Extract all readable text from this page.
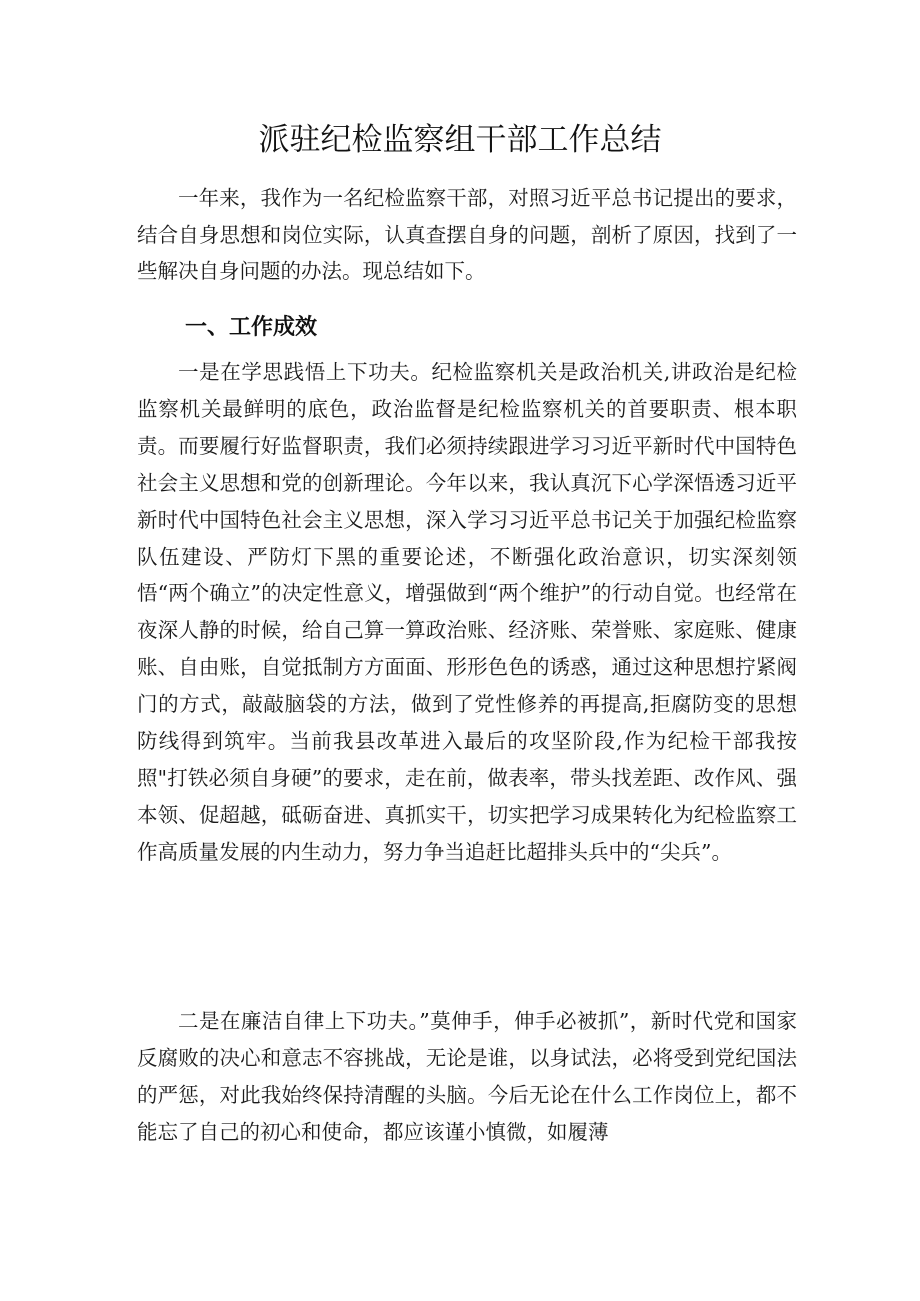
派驻纪检监察组干部工作总结

一年来，我作为一名纪检监察干部，对照习近平总书记提出的要求，结合自身思想和岗位实际，认真查摆自身的问题，剖析了原因，找到了一些解决自身问题的办法。现总结如下。

一、工作成效

一是在学思践悟上下功夫。纪检监察机关是政治机关,讲政治是纪检监察机关最鲜明的底色，政治监督是纪检监察机关的首要职责、根本职责。而要履行好监督职责，我们必须持续跟进学习习近平新时代中国特色社会主义思想和党的创新理论。今年以来，我认真沉下心学深悟透习近平新时代中国特色社会主义思想，深入学习习近平总书记关于加强纪检监察队伍建设、严防灯下黑的重要论述，不断强化政治意识，切实深刻领悟“两个确立”的决定性意义，增强做到“两个维护”的行动自觉。也经常在夜深人静的时候，给自己算一算政治账、经济账、荣誉账、家庭账、健康账、自由账，自觉抵制方方面面、形形色色的诱惑，通过这种思想拧紧阀门的方式，敲敲脑袋的方法，做到了党性修养的再提高,拒腐防变的思想防线得到筑牢。当前我县改革进入最后的攻坚阶段,作为纪检干部我按照"打铁必须自身硬”的要求，走在前，做表率，带头找差距、改作风、强本领、促超越，砥砺奋进、真抓实干，切实把学习成果转化为纪检监察工作高质量发展的内生动力，努力争当追赶比超排头兵中的“尖兵”。

二是在廉洁自律上下功夫。”莫伸手，伸手必被抓”，新时代党和国家反腐败的决心和意志不容挑战，无论是谁，以身试法，必将受到党纪国法的严惩，对此我始终保持清醒的头脑。今后无论在什么工作岗位上，都不能忘了自己的初心和使命，都应该谨小慎微，如履薄
